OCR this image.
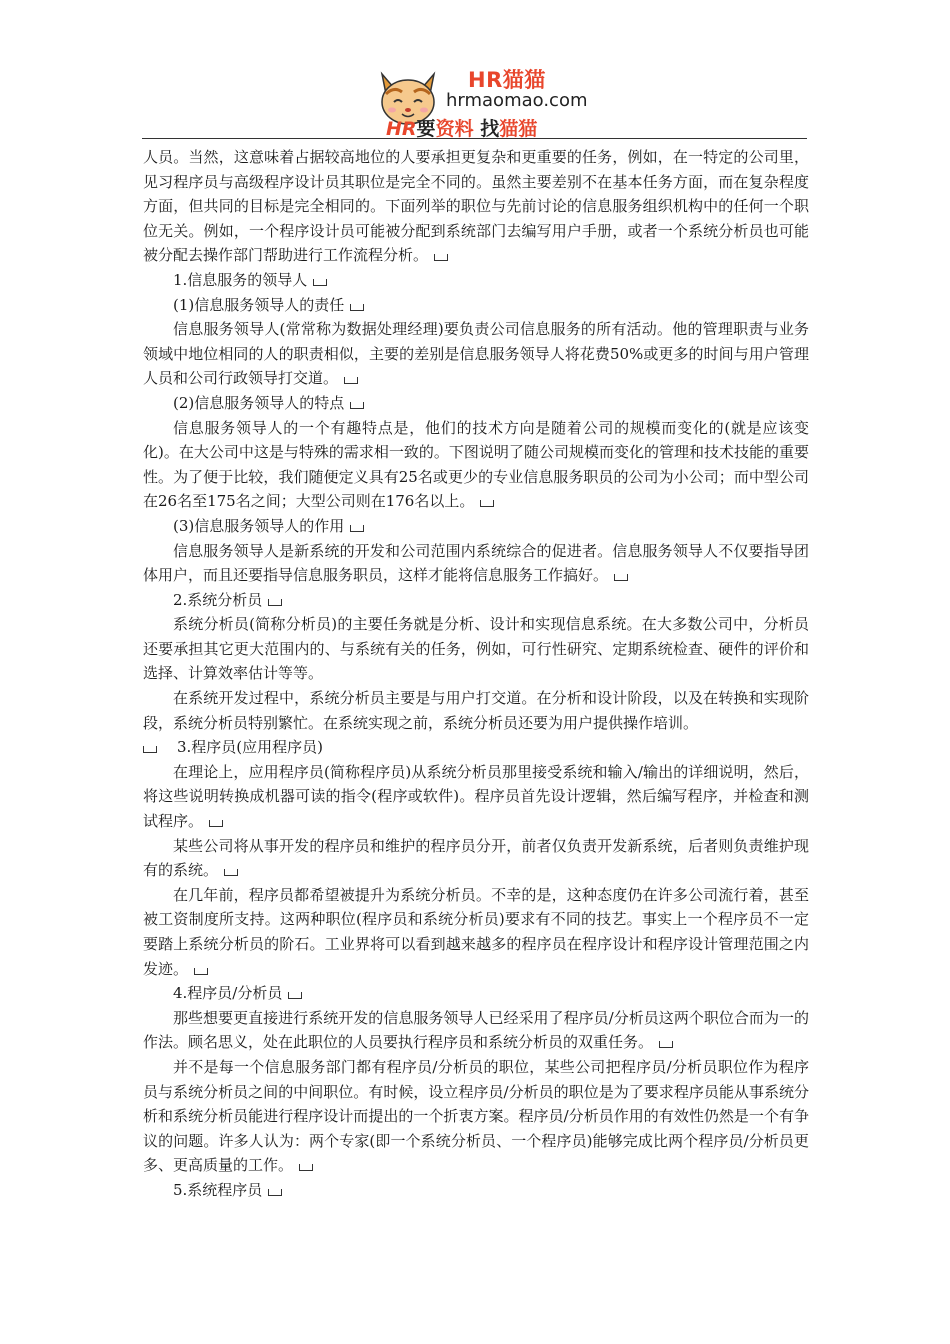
HR猫猫
hrmaomao.com
HR要资料 找猫猫

人员。当然，这意味着占据较高地位的人要承担更复杂和更重要的任务，例如，在一特定的公司里，见习程序员与高级程序设计员其职位是完全不同的。虽然主要差别不在基本任务方面，而在复杂程度方面，但共同的目标是完全相同的。下面列举的职位与先前讨论的信息服务组织机构中的任何一个职位无关。例如，一个程序设计员可能被分配到系统部门去编写用户手册，或者一个系统分析员也可能被分配去操作部门帮助进行工作流程分析。

1.信息服务的领导人

(1)信息服务领导人的责任

信息服务领导人(常常称为数据处理经理)要负责公司信息服务的所有活动。他的管理职责与业务领域中地位相同的人的职责相似，主要的差别是信息服务领导人将花费50%或更多的时间与用户管理人员和公司行政领导打交道。

(2)信息服务领导人的特点

信息服务领导人的一个有趣特点是，他们的技术方向是随着公司的规模而变化的(就是应该变化)。在大公司中这是与特殊的需求相一致的。下图说明了随公司规模而变化的管理和技术技能的重要性。为了便于比较，我们随便定义具有25名或更少的专业信息服务职员的公司为小公司；而中型公司在26名至175名之间；大型公司则在176名以上。

(3)信息服务领导人的作用

信息服务领导人是新系统的开发和公司范围内系统综合的促进者。信息服务领导人不仅要指导团体用户，而且还要指导信息服务职员，这样才能将信息服务工作搞好。

2.系统分析员

系统分析员(简称分析员)的主要任务就是分析、设计和实现信息系统。在大多数公司中，分析员还要承担其它更大范围内的、与系统有关的任务，例如，可行性研究、定期系统检查、硬件的评价和选择、计算效率估计等等。

在系统开发过程中，系统分析员主要是与用户打交道。在分析和设计阶段，以及在转换和实现阶段，系统分析员特别繁忙。在系统实现之前，系统分析员还要为用户提供操作培训。

3.程序员(应用程序员)

在理论上，应用程序员(简称程序员)从系统分析员那里接受系统和输入/输出的详细说明，然后，将这些说明转换成机器可读的指令(程序或软件)。程序员首先设计逻辑，然后编写程序，并检查和测试程序。

某些公司将从事开发的程序员和维护的程序员分开，前者仅负责开发新系统，后者则负责维护现有的系统。

在几年前，程序员都希望被提升为系统分析员。不幸的是，这种态度仍在许多公司流行着，甚至被工资制度所支持。这两种职位(程序员和系统分析员)要求有不同的技艺。事实上一个程序员不一定要踏上系统分析员的阶石。工业界将可以看到越来越多的程序员在程序设计和程序设计管理范围之内发迹。

4.程序员/分析员

那些想要更直接进行系统开发的信息服务领导人已经采用了程序员/分析员这两个职位合而为一的作法。顾名思义，处在此职位的人员要执行程序员和系统分析员的双重任务。

并不是每一个信息服务部门都有程序员/分析员的职位，某些公司把程序员/分析员职位作为程序员与系统分析员之间的中间职位。有时候，设立程序员/分析员的职位是为了要求程序员能从事系统分析和系统分析员能进行程序设计而提出的一个折衷方案。程序员/分析员作用的有效性仍然是一个有争议的问题。许多人认为：两个专家(即一个系统分析员、一个程序员)能够完成比两个程序员/分析员更多、更高质量的工作。

5.系统程序员
